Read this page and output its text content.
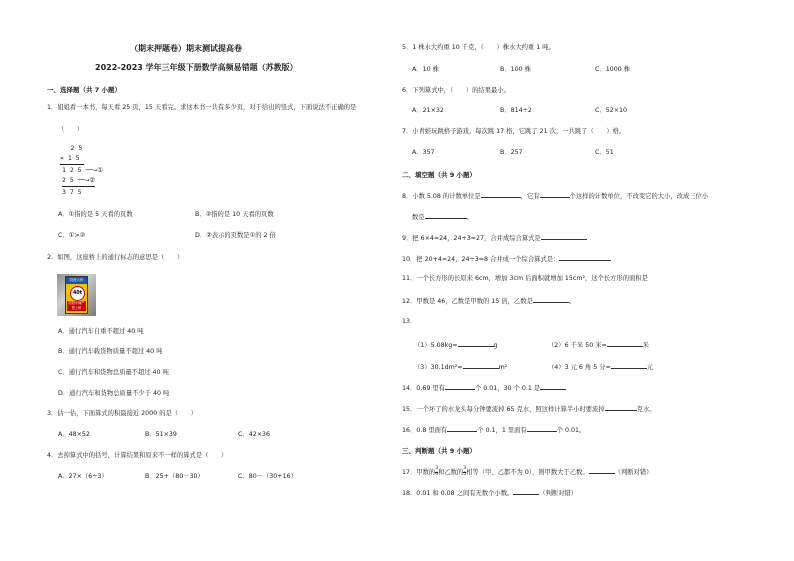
（期末押题卷）期末测试提高卷
2022-2023 学年三年级下册数学高频易错题（苏教版）
一、选择题（共 7 小题）
1．姐姐看一本书，每天看 25 页，15 天看完。求这本书一共有多少页，对于给出的竖式，下面说法不正确的是
（　　）
　2 5
× 1 5
1 2 5 ──→①
2 5 ──→②
3 7 5
A．①指的是 5 天看的页数	B．②指的是 10 天看的页数
C．①>②	D．②表示的页数是①的 2 倍
2．如图，这座桥上的通行标志的意思是（　　）
同流大桥
40t
超限车辆严禁上桥
A．通行汽车自重不超过 40 吨
B．通行汽车载货物质量不超过 40 吨
C．通行汽车和货物总质量不超过 40 吨
D．通行汽车和货物总质量不少于 40 吨
3．估一估，下面算式的积最接近 2000 的是（　　）
A．48×52	B．51×39	C．42×36
4．去掉算式中的括号，计算结果和原来不一样的算式是（　　）
A．27×（6÷3）	B．25+（80－30）	C．80－（30+16）
5．1 株水大约重 10 千克，（　　）株水大约重 1 吨。
A．10 株	B．100 株	C．1000 株
6．下列算式中，（　　）的结果最小。
A．21×32	B．814÷2	C．52×10
7．小青蛙玩跳格子游戏，每次跳 17 格，它跳了 21 次，一共跳了（　　）格。
A．357	B．257	C．51
二、填空题（共 9 小题）
8．小数 5.08 的计数单位是	，它有	个这样的计数单位，不改变它的大小，改成三位小
数是	。
9．把 6×4=24，24+3=27，合并成综合算式是
10．把 20+4=24，24÷3=8 合并成一个综合算式是：
11．一个长方形的长原来 6cm，增加 3cm 后面积就增加 15cm²，这个长方形的面积是
12．甲数是 46，乙数是甲数的 15 倍，乙数是	。
13．
（1）5.08kg=	g	（2）6 千米 50 米=	米
（3）30.1dm²=	m²	（4）3 元 6 角 5 分=	元
14．0.69 里有	个 0.01，30 个 0.1 是
15．一个坏了的水龙头每分钟要流掉 65 克水，照这样计算半小时要流掉	克水。
16．0.8 里面有	个 0.1，1 里面有	个 0.01。
三、判断题（共 9 小题）
17．甲数的 $\frac{3}{4}$ 和乙数的 $\frac{3}{5}$ 相等（甲、乙都不为 0），则甲数大于乙数。	（判断对错）
18．0.01 和 0.08 之间有无数个小数。	（判断对错）
